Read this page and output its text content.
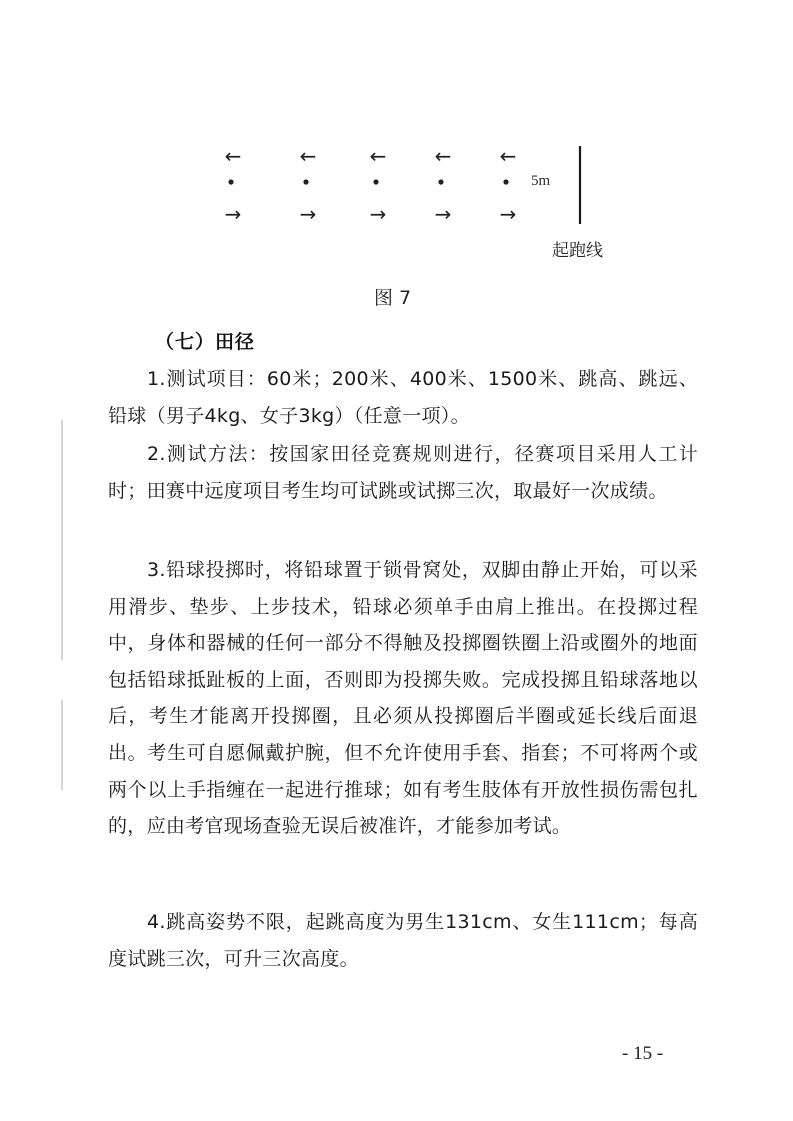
←
→
←
→
←
→
←
→
←
→
5m
起跑线
图 7
（七）田径

1.测试项目：60米；200米、400米、1500米、跳高、跳远、铅球（男子4kg、女子3kg）（任意一项）。

2.测试方法：按国家田径竞赛规则进行，径赛项目采用人工计时；田赛中远度项目考生均可试跳或试掷三次，取最好一次成绩。

3.铅球投掷时，将铅球置于锁骨窝处，双脚由静止开始，可以采用滑步、垫步、上步技术，铅球必须单手由肩上推出。在投掷过程中，身体和器械的任何一部分不得触及投掷圈铁圈上沿或圈外的地面包括铅球抵趾板的上面，否则即为投掷失败。完成投掷且铅球落地以后，考生才能离开投掷圈，且必须从投掷圈后半圈或延长线后面退出。考生可自愿佩戴护腕，但不允许使用手套、指套；不可将两个或两个以上手指缠在一起进行推球；如有考生肢体有开放性损伤需包扎的，应由考官现场查验无误后被准许，才能参加考试。

4.跳高姿势不限，起跳高度为男生131cm、女生111cm；每高度试跳三次，可升三次高度。

- 15 -
